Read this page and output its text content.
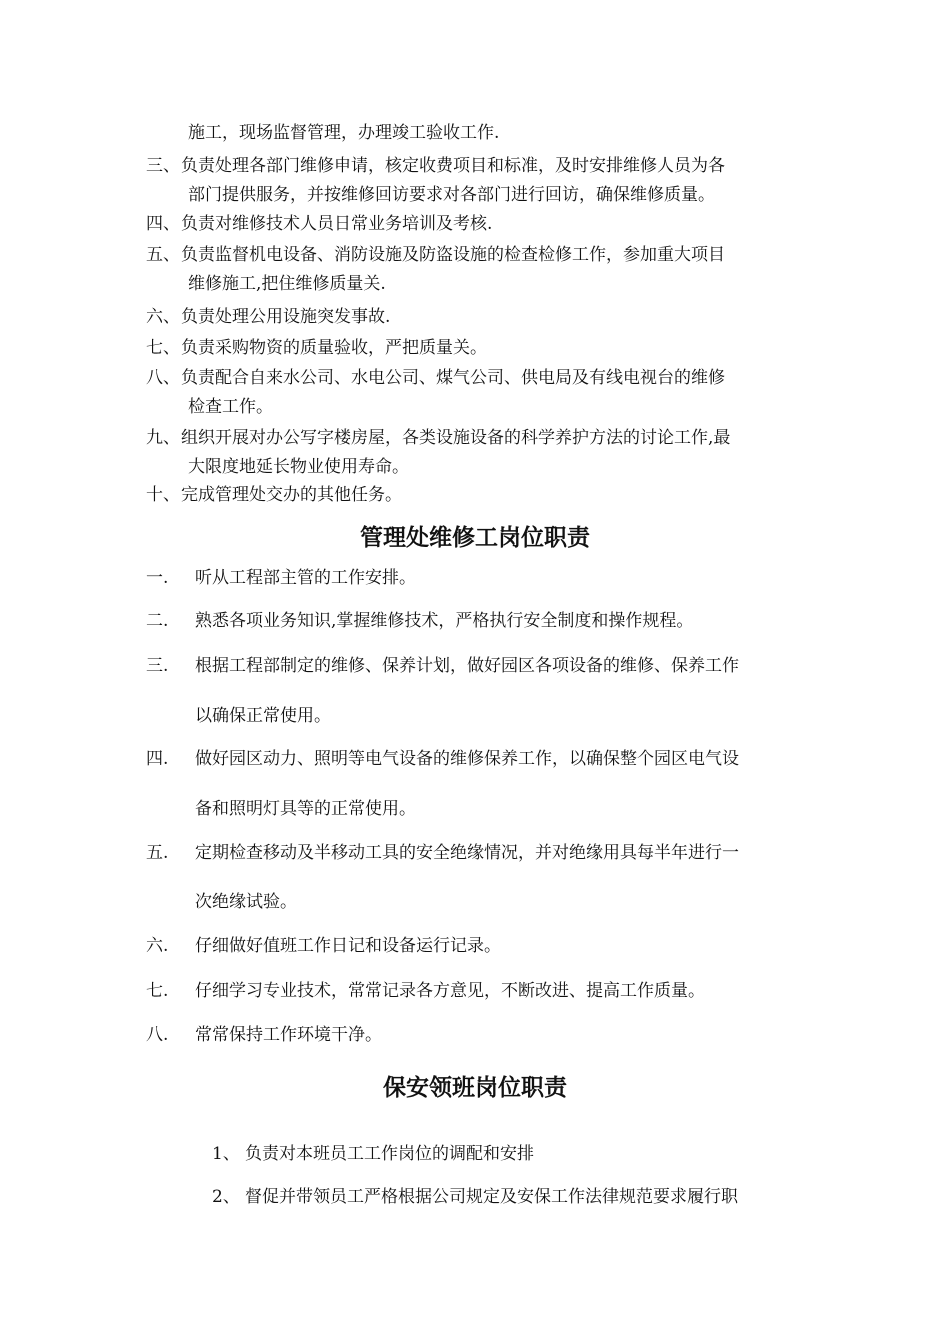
施工，现场监督管理，办理竣工验收工作.
三、 负责处理各部门维修申请，核定收费项目和标准，及时安排维修人员为各
部门提供服务，并按维修回访要求对各部门进行回访，确保维修质量。
四、 负责对维修技术人员日常业务培训及考核.
五、 负责监督机电设备、消防设施及防盗设施的检查检修工作，参加重大项目
维修施工,把住维修质量关.
六、 负责处理公用设施突发事故.
七、 负责采购物资的质量验收，严把质量关。
八、 负责配合自来水公司、水电公司、煤气公司、供电局及有线电视台的维修
检查工作。
九、 组织开展对办公写字楼房屋，各类设施设备的科学养护方法的讨论工作,最
大限度地延长物业使用寿命。
十、 完成管理处交办的其他任务。
管理处维修工岗位职责
一. 听从工程部主管的工作安排。
二. 熟悉各项业务知识,掌握维修技术，严格执行安全制度和操作规程。
三. 根据工程部制定的维修、保养计划，做好园区各项设备的维修、保养工作
以确保正常使用。
四. 做好园区动力、照明等电气设备的维修保养工作，以确保整个园区电气设
备和照明灯具等的正常使用。
五. 定期检查移动及半移动工具的安全绝缘情况，并对绝缘用具每半年进行一
次绝缘试验。
六. 仔细做好值班工作日记和设备运行记录。
七. 仔细学习专业技术，常常记录各方意见，不断改进、提高工作质量。
八. 常常保持工作环境干净。
保安领班岗位职责
1、 负责对本班员工工作岗位的调配和安排
2、 督促并带领员工严格根据公司规定及安保工作法律规范要求履行职
